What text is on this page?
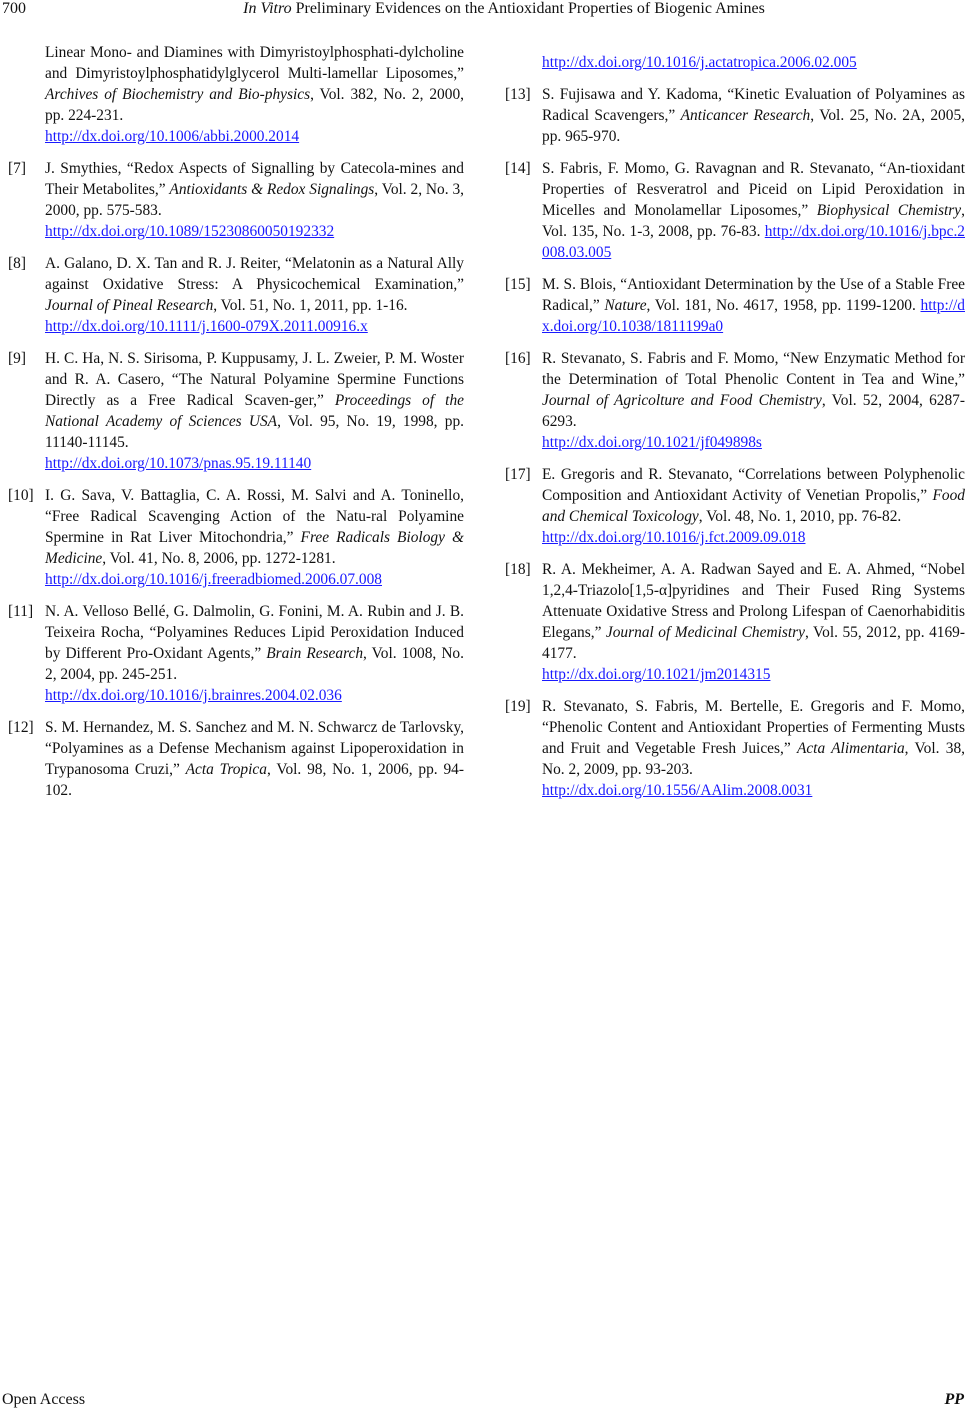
700	In Vitro Preliminary Evidences on the Antioxidant Properties of Biogenic Amines
Linear Mono- and Diamines with Dimyristoylphosphati-dylcholine and Dimyristoylphosphatidylglycerol Multi-lamellar Liposomes,” Archives of Biochemistry and Bio-physics, Vol. 382, No. 2, 2000, pp. 224-231.
http://dx.doi.org/10.1006/abbi.2000.2014
[7] J. Smythies, “Redox Aspects of Signalling by Catecola-mines and Their Metabolites,” Antioxidants & Redox Signalings, Vol. 2, No. 3, 2000, pp. 575-583.
http://dx.doi.org/10.1089/15230860050192332
[8] A. Galano, D. X. Tan and R. J. Reiter, “Melatonin as a Natural Ally against Oxidative Stress: A Physicochemical Examination,” Journal of Pineal Research, Vol. 51, No. 1, 2011, pp. 1-16.
http://dx.doi.org/10.1111/j.1600-079X.2011.00916.x
[9] H. C. Ha, N. S. Sirisoma, P. Kuppusamy, J. L. Zweier, P. M. Woster and R. A. Casero, “The Natural Polyamine Spermine Functions Directly as a Free Radical Scaven-ger,” Proceedings of the National Academy of Sciences USA, Vol. 95, No. 19, 1998, pp. 11140-11145.
http://dx.doi.org/10.1073/pnas.95.19.11140
[10] I. G. Sava, V. Battaglia, C. A. Rossi, M. Salvi and A. Toninello, “Free Radical Scavenging Action of the Natu-ral Polyamine Spermine in Rat Liver Mitochondria,” Free Radicals Biology & Medicine, Vol. 41, No. 8, 2006, pp. 1272-1281.
http://dx.doi.org/10.1016/j.freeradbiomed.2006.07.008
[11] N. A. Velloso Bellé, G. Dalmolin, G. Fonini, M. A. Rubin and J. B. Teixeira Rocha, “Polyamines Reduces Lipid Peroxidation Induced by Different Pro-Oxidant Agents,” Brain Research, Vol. 1008, No. 2, 2004, pp. 245-251.
http://dx.doi.org/10.1016/j.brainres.2004.02.036
[12] S. M. Hernandez, M. S. Sanchez and M. N. Schwarcz de Tarlovsky, “Polyamines as a Defense Mechanism against Lipoperoxidation in Trypanosoma Cruzi,” Acta Tropica, Vol. 98, No. 1, 2006, pp. 94-102.
http://dx.doi.org/10.1016/j.actatropica.2006.02.005
[13] S. Fujisawa and Y. Kadoma, “Kinetic Evaluation of Polyamines as Radical Scavengers,” Anticancer Research, Vol. 25, No. 2A, 2005, pp. 965-970.
[14] S. Fabris, F. Momo, G. Ravagnan and R. Stevanato, “An-tioxidant Properties of Resveratrol and Piceid on Lipid Peroxidation in Micelles and Monolamellar Liposomes,” Biophysical Chemistry, Vol. 135, No. 1-3, 2008, pp. 76-83. http://dx.doi.org/10.1016/j.bpc.2008.03.005
[15] M. S. Blois, “Antioxidant Determination by the Use of a Stable Free Radical,” Nature, Vol. 181, No. 4617, 1958, pp. 1199-1200. http://dx.doi.org/10.1038/1811199a0
[16] R. Stevanato, S. Fabris and F. Momo, “New Enzymatic Method for the Determination of Total Phenolic Content in Tea and Wine,” Journal of Agricolture and Food Chemistry, Vol. 52, 2004, 6287-6293.
http://dx.doi.org/10.1021/jf049898s
[17] E. Gregoris and R. Stevanato, “Correlations between Polyphenolic Composition and Antioxidant Activity of Venetian Propolis,” Food and Chemical Toxicology, Vol. 48, No. 1, 2010, pp. 76-82.
http://dx.doi.org/10.1016/j.fct.2009.09.018
[18] R. A. Mekheimer, A. A. Radwan Sayed and E. A. Ahmed, “Nobel 1,2,4-Triazolo[1,5-α]pyridines and Their Fused Ring Systems Attenuate Oxidative Stress and Prolong Lifespan of Caenorhabiditis Elegans,” Journal of Medicinal Chemistry, Vol. 55, 2012, pp. 4169-4177.
http://dx.doi.org/10.1021/jm2014315
[19] R. Stevanato, S. Fabris, M. Bertelle, E. Gregoris and F. Momo, “Phenolic Content and Antioxidant Properties of Fermenting Musts and Fruit and Vegetable Fresh Juices,” Acta Alimentaria, Vol. 38, No. 2, 2009, pp. 93-203.
http://dx.doi.org/10.1556/AAlim.2008.0031
Open Access	PP
